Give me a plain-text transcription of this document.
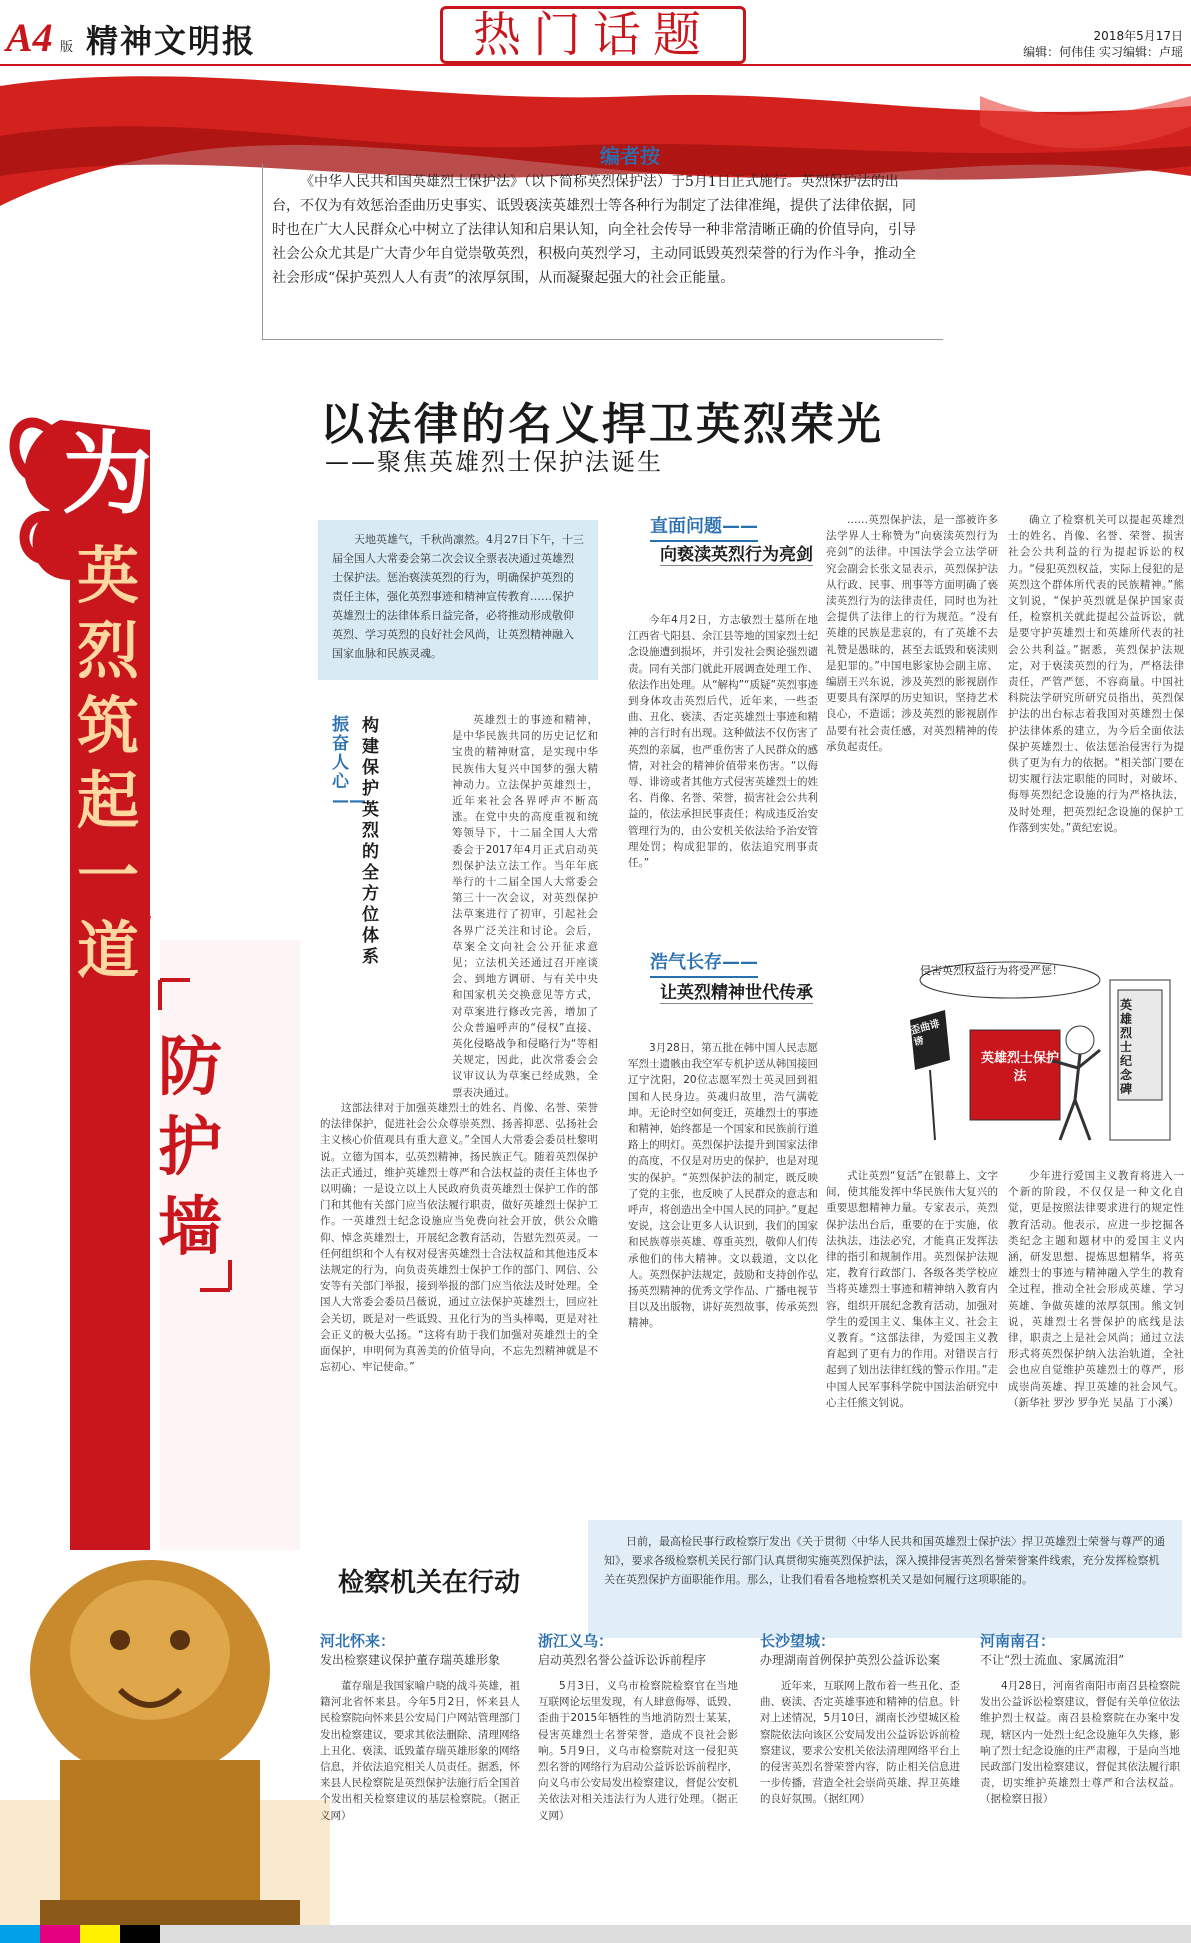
A4 版 精神文明报	热门话题	2018年5月17日
编辑：何伟佳 实习编辑：卢瑶
编者按
《中华人民共和国英雄烈士保护法》（以下简称英烈保护法）于5月1日正式施行。英烈保护法的出台，不仅为有效惩治歪曲历史事实、诋毁亵渎英雄烈士等各种行为制定了法律准绳，提供了法律依据，同时也在广大人民群众心中树立了法律认知和启果认知，向全社会传导一种非常清晰正确的价值导向，引导社会公众尤其是广大青少年自觉崇敬英烈，积极向英烈学习，主动同诋毁英烈荣誉的行为作斗争，推动全社会形成“保护英烈人人有责”的浓厚氛围，从而凝聚起强大的社会正能量。
以法律的名义捍卫英烈荣光
——聚焦英雄烈士保护法诞生
为
英
烈
筑
起
一
道
防
护
墙
天地英雄气，千秋尚凛然。4月27日下午，十三届全国人大常委会第二次会议全票表决通过英雄烈士保护法。惩治亵渎英烈的行为，明确保护英烈的责任主体，强化英烈事迹和精神宣传教育……保护英雄烈士的法律体系日益完备，必将推动形成敬仰英烈、学习英烈的良好社会风尚，让英烈精神融入国家血脉和民族灵魂。
振奋人心——
构建保护英烈的全方位体系
英雄烈士的事迹和精神，是中华民族共同的历史记忆和宝贵的精神财富，是实现中华民族伟大复兴中国梦的强大精神动力。立法保护英雄烈士，近年来社会各界呼声不断高涨。在党中央的高度重视和统筹领导下，十二届全国人大常委会于2017年4月正式启动英烈保护法立法工作。当年年底举行的十二届全国人大常委会第三十一次会议，对英烈保护法草案进行了初审，引起社会各界广泛关注和讨论。会后，草案全文向社会公开征求意见；立法机关还通过召开座谈会、到地方调研、与有关中央和国家机关交换意见等方式，对草案进行修改完善，增加了公众普遍呼声的“侵权”直接、英化侵略战争和侵略行为“等相关规定，因此，此次常委会会议审议认为草案已经成熟，全票表决通过。
这部法律对于加强英雄烈士的姓名、肖像、名誉、荣誉的法律保护，促进社会公众尊崇英烈、扬善抑恶、弘扬社会主义核心价值观具有重大意义。”全国人大常委会委员杜黎明说。立德为国本，弘英烈精神，扬民族正气。随着英烈保护法正式通过，维护英雄烈士尊严和合法权益的责任主体也予以明确；一是设立以上人民政府负责英雄烈士保护工作的部门和其他有关部门应当依法履行职责，做好英雄烈士保护工作。一英雄烈士纪念设施应当免费向社会开放，供公众瞻仰、悼念英雄烈士，开展纪念教育活动，告慰先烈英灵。一任何组织和个人有权对侵害英雄烈士合法权益和其他违反本法规定的行为，向负责英雄烈士保护工作的部门、网信、公安等有关部门举报，接到举报的部门应当依法及时处理。全国人大常委会委员吕薇说，通过立法保护英雄烈士，回应社会关切，既是对一些诋毁、丑化行为的当头棒喝，更是对社会正义的极大弘扬。“这将有助于我们加强对英雄烈士的全面保护，申明何为真善美的价值导向，不忘先烈精神就是不忘初心、牢记使命。”
直面问题——
向亵渎英烈行为亮剑
今年4月2日，方志敏烈士墓所在地江西省弋阳县、余江县等地的国家烈士纪念设施遭到损坏，并引发社会舆论强烈谴责。同有关部门就此开展调查处理工作、依法作出处理。从“解构”“质疑”英烈事迹到身体攻击英烈后代，近年来，一些歪曲、丑化、亵渎、否定英雄烈士事迹和精神的言行时有出现。这种做法不仅伤害了英烈的亲属，也严重伤害了人民群众的感情，对社会的精神价值带来伤害。“以侮辱、诽谤或者其他方式侵害英雄烈士的姓名、肖像、名誉、荣誉，损害社会公共利益的，依法承担民事责任；构成违反治安管理行为的，由公安机关依法给予治安管理处罚；构成犯罪的，依法追究刑事责任。”
……英烈保护法，是一部被许多法学界人士称赞为“向亵渎英烈行为亮剑”的法律。中国法学会立法学研究会副会长张文显表示，英烈保护法从行政、民事、刑事等方面明确了亵渎英烈行为的法律责任，同时也为社会提供了法律上的行为规范。“没有英雄的民族是悲哀的，有了英雄不去礼赞是愚昧的，甚至去诋毁和亵渎则是犯罪的。”中国电影家协会副主席、编剧王兴东说，涉及英烈的影视剧作更要具有深厚的历史知识，坚持艺术良心，不造谣；涉及英烈的影视剧作品要有社会责任感，对英烈精神的传承负起责任。
确立了检察机关可以提起英雄烈士的姓名、肖像、名誉、荣誉、损害社会公共利益的行为提起诉讼的权力。“侵犯英烈权益，实际上侵犯的是英烈这个群体所代表的民族精神。”熊文钊说，“保护英烈就是保护国家责任，检察机关就此提起公益诉讼，就是要守护英雄烈士和英雄所代表的社会公共利益。”据悉，英烈保护法规定，对于亵渎英烈的行为，严格法律责任，严管严惩，不容商量。中国社科院法学研究所研究员指出，英烈保护法的出台标志着我国对英雄烈士保护法律体系的建立，为今后全面依法保护英雄烈士、依法惩治侵害行为提供了更为有力的依据。“相关部门要在切实履行法定职能的同时，对破坏、侮辱英烈纪念设施的行为严格执法，及时处理，把英烈纪念设施的保护工作落到实处。”黄纪宏说。
浩气长存——
让英烈精神世代传承
3月28日，第五批在韩中国人民志愿军烈士遗骸由我空军专机护送从韩国接回辽宁沈阳，20位志愿军烈士英灵回到祖国和人民身边。英魂归故里，浩气满乾坤。无论时空如何变迁，英雄烈士的事迹和精神，始终都是一个国家和民族前行道路上的明灯。英烈保护法提升到国家法律的高度，不仅是对历史的保护，也是对现实的保护。“英烈保护法的制定，既反映了党的主张，也反映了人民群众的意志和呼声，将创造出全中国人民的同护。”夏起安说，这会让更多人认识到，我们的国家和民族尊崇英雄、尊重英烈，敬仰人们传承他们的伟大精神。文以载道，文以化人。英烈保护法规定，鼓励和支持创作弘扬英烈精神的优秀文学作品、广播电视节目以及出版物，讲好英烈故事，传承英烈精神。
式让英烈“复活”在银幕上、文字间，使其能发挥中华民族伟大复兴的重要思想精神力量。专家表示，英烈保护法出台后，重要的在于实施，依法执法，违法必究，才能真正发挥法律的指引和规制作用。英烈保护法规定，教育行政部门、各级各类学校应当将英雄烈士事迹和精神纳入教育内容，组织开展纪念教育活动，加强对学生的爱国主义、集体主义、社会主义教育。“这部法律，为爱国主义教育起到了更有力的作用。对错误言行起到了划出法律红线的警示作用。”走中国人民军事科学院中国法治研究中心主任熊文钊说。
少年进行爱国主义教育将进入一个新的阶段，不仅仅是一种文化自觉，更是按照法律要求进行的规定性教育活动。他表示，应进一步挖掘各类纪念主题和题材中的爱国主义内涵，研发思想、提炼思想精华，将英雄烈士的事迹与精神融入学生的教育全过程，推动全社会形成英雄、学习英雄、争做英雄的浓厚氛围。熊文钊说，英雄烈士名誉保护的底线是法律，职责之上是社会风尚；通过立法形式将英烈保护纳入法治轨道，全社会也应自觉维护英雄烈士的尊严，形成崇尚英雄、捍卫英雄的社会风气。（新华社 罗沙 罗争光 吴晶 丁小溪）
侵害英烈权益行为将受严惩！
英雄烈士保护法
英雄烈士纪念碑
歪曲诽谤
检察机关在行动
日前，最高检民事行政检察厅发出《关于贯彻〈中华人民共和国英雄烈士保护法〉捍卫英雄烈士荣誉与尊严的通知》，要求各级检察机关民行部门认真贯彻实施英烈保护法，深入摸排侵害英烈名誉荣誉案件线索，充分发挥检察机关在英烈保护方面职能作用。那么，让我们看看各地检察机关又是如何履行这项职能的。
河北怀来：
发出检察建议保护董存瑞英雄形象
董存瑞是我国家喻户晓的战斗英雄，祖籍河北省怀来县。今年5月2日，怀来县人民检察院向怀来县公安局门户网站管理部门发出检察建议，要求其依法删除、清理网络上丑化、亵渎、诋毁董存瑞英雄形象的网络信息，并依法追究相关人员责任。据悉，怀来县人民检察院是英烈保护法施行后全国首个发出相关检察建议的基层检察院。（据正义网）
浙江义乌：
启动英烈名誉公益诉讼诉前程序
5月3日，义乌市检察院检察官在当地互联网论坛里发现，有人肆意侮辱、诋毁、歪曲于2015年牺牲的当地消防烈士某某，侵害英雄烈士名誉荣誉，造成不良社会影响。5月9日，义乌市检察院对这一侵犯英烈名誉的网络行为启动公益诉讼诉前程序，向义乌市公安局发出检察建议，督促公安机关依法对相关违法行为人进行处理。（据正义网）
长沙望城：
办理湖南首例保护英烈公益诉讼案
近年来，互联网上散布着一些丑化、歪曲、亵渎、否定英雄事迹和精神的信息。针对上述情况，5月10日，湖南长沙望城区检察院依法向该区公安局发出公益诉讼诉前检察建议，要求公安机关依法清理网络平台上的侵害英烈名誉荣誉内容，防止相关信息进一步传播，营造全社会崇尚英雄、捍卫英雄的良好氛围。（据红网）
河南南召：
不让“烈士流血、家属流泪”
4月28日，河南省南阳市南召县检察院发出公益诉讼检察建议，督促有关单位依法维护烈士权益。南召县检察院在办案中发现，辖区内一处烈士纪念设施年久失修，影响了烈士纪念设施的庄严肃穆，于是向当地民政部门发出检察建议，督促其依法履行职责，切实维护英雄烈士尊严和合法权益。（据检察日报）
